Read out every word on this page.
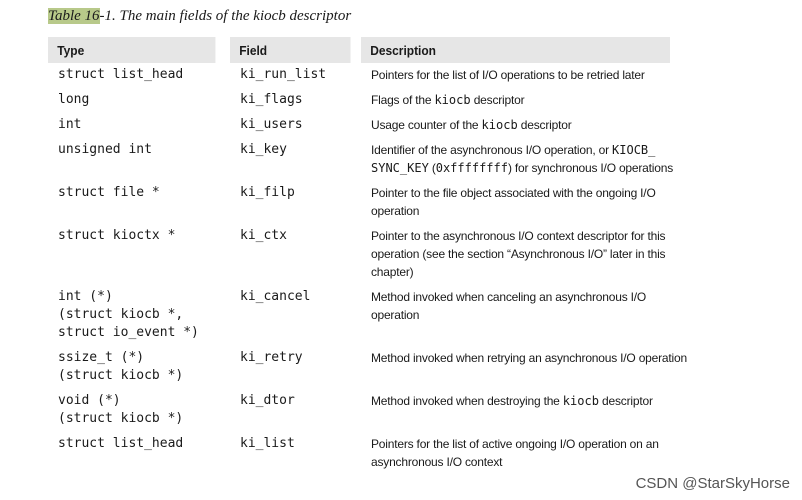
Table 16-1. The main fields of the kiocb descriptor
Type	Field	Description
struct list_head	ki_run_list	Pointers for the list of I/O operations to be retried later

long	ki_flags	Flags of the kiocb descriptor

int	ki_users	Usage counter of the kiocb descriptor

unsigned int	ki_key	Identifier of the asynchronous I/O operation, or KIOCB_ SYNC_KEY (0xffffffff) for synchronous I/O operations

struct file *	ki_filp	Pointer to the file object associated with the ongoing I/O operation

struct kioctx *	ki_ctx	Pointer to the asynchronous I/O context descriptor for this operation (see the section “Asynchronous I/O” later in this chapter)

int (*)
(struct kiocb *,
struct io_event *)	ki_cancel	Method invoked when canceling an asynchronous I/O operation

ssize_t (*)
(struct kiocb *)	ki_retry	Method invoked when retrying an asynchronous I/O operation

void (*)
(struct kiocb *)	ki_dtor	Method invoked when destroying the kiocb descriptor

struct list_head	ki_list	Pointers for the list of active ongoing I/O operation on an asynchronous I/O context
CSDN @StarSkyHorse
